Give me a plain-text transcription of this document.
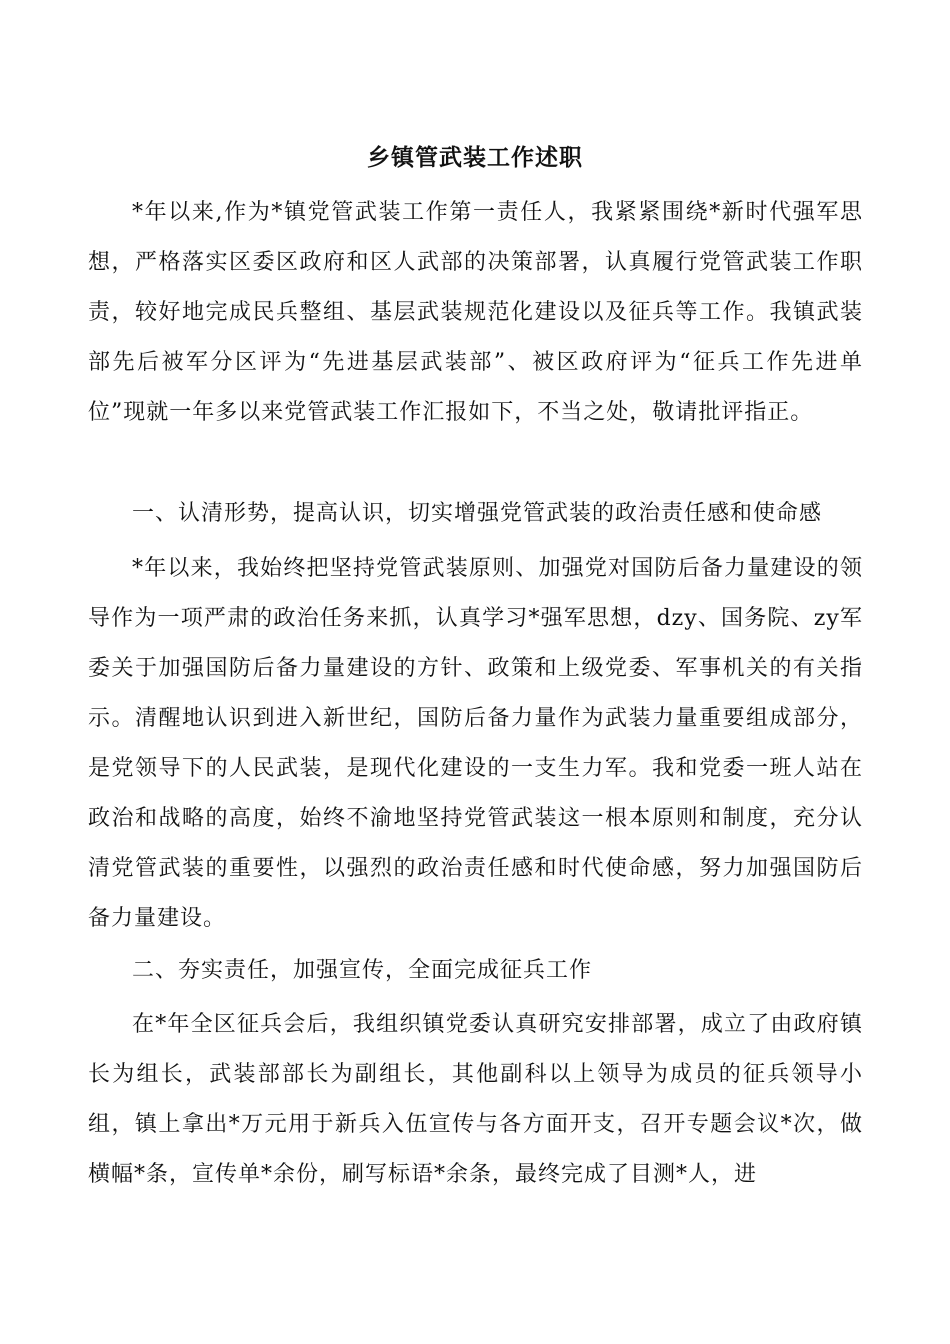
乡镇管武装工作述职

*年以来,作为*镇党管武装工作第一责任人，我紧紧围绕*新时代强军思想，严格落实区委区政府和区人武部的决策部署，认真履行党管武装工作职责，较好地完成民兵整组、基层武装规范化建设以及征兵等工作。我镇武装部先后被军分区评为“先进基层武装部”、被区政府评为“征兵工作先进单位”现就一年多以来党管武装工作汇报如下，不当之处，敬请批评指正。

一、认清形势，提高认识，切实增强党管武装的政治责任感和使命感

*年以来，我始终把坚持党管武装原则、加强党对国防后备力量建设的领导作为一项严肃的政治任务来抓，认真学习*强军思想，dzy、国务院、zy军委关于加强国防后备力量建设的方针、政策和上级党委、军事机关的有关指示。清醒地认识到进入新世纪，国防后备力量作为武装力量重要组成部分，是党领导下的人民武装，是现代化建设的一支生力军。我和党委一班人站在政治和战略的高度，始终不渝地坚持党管武装这一根本原则和制度，充分认清党管武装的重要性，以强烈的政治责任感和时代使命感，努力加强国防后备力量建设。

二、夯实责任，加强宣传，全面完成征兵工作

在*年全区征兵会后，我组织镇党委认真研究安排部署，成立了由政府镇长为组长，武装部部长为副组长，其他副科以上领导为成员的征兵领导小组，镇上拿出*万元用于新兵入伍宣传与各方面开支，召开专题会议*次，做横幅*条，宣传单*余份，刷写标语*余条，最终完成了目测*人，进
